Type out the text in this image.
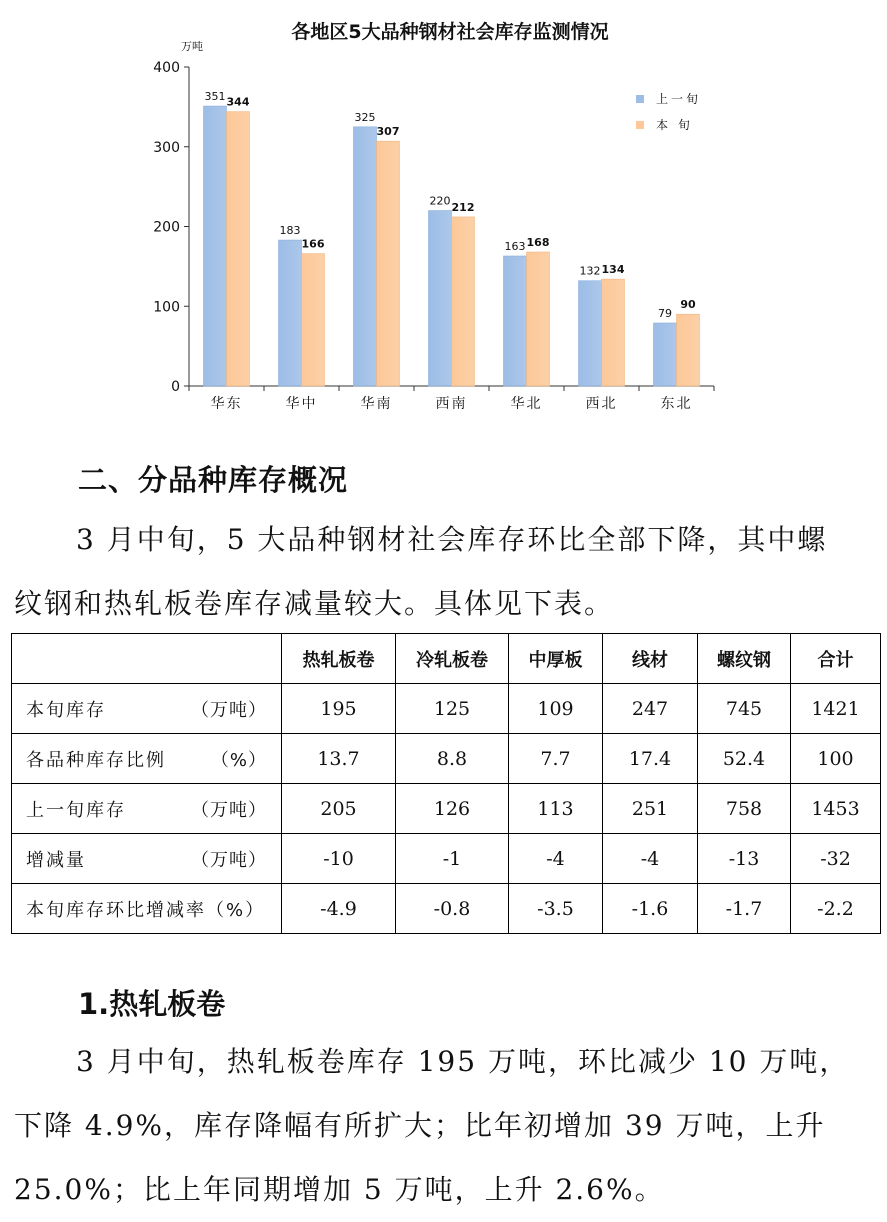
各地区5大品种钢材社会库存监测情况
万吨
0
100
200
300
400
华东	华中	华南	西南	华北	西北	东北
351 344
183
166
325
307
220 212
163 168
132 134
79
90
上一旬
本 旬
二、分品种库存概况

3 月中旬，5 大品种钢材社会库存环比全部下降，其中螺
纹钢和热轧板卷库存减量较大。具体见下表。

	热轧板卷	冷轧板卷	中厚板	线材	螺纹钢	合计
本旬库存 （万吨）	195	125	109	247	745	1421
各品种库存比例 （%）	13.7	8.8	7.7	17.4	52.4	100
上一旬库存 （万吨）	205	126	113	251	758	1453
增减量 （万吨）	-10	-1	-4	-4	-13	-32
本旬库存环比增减率（%）	-4.9	-0.8	-3.5	-1.6	-1.7	-2.2
1.热轧板卷

3 月中旬，热轧板卷库存 195 万吨，环比减少 10 万吨，
下降 4.9%，库存降幅有所扩大；比年初增加 39 万吨，上升
25.0%；比上年同期增加 5 万吨，上升 2.6%。
